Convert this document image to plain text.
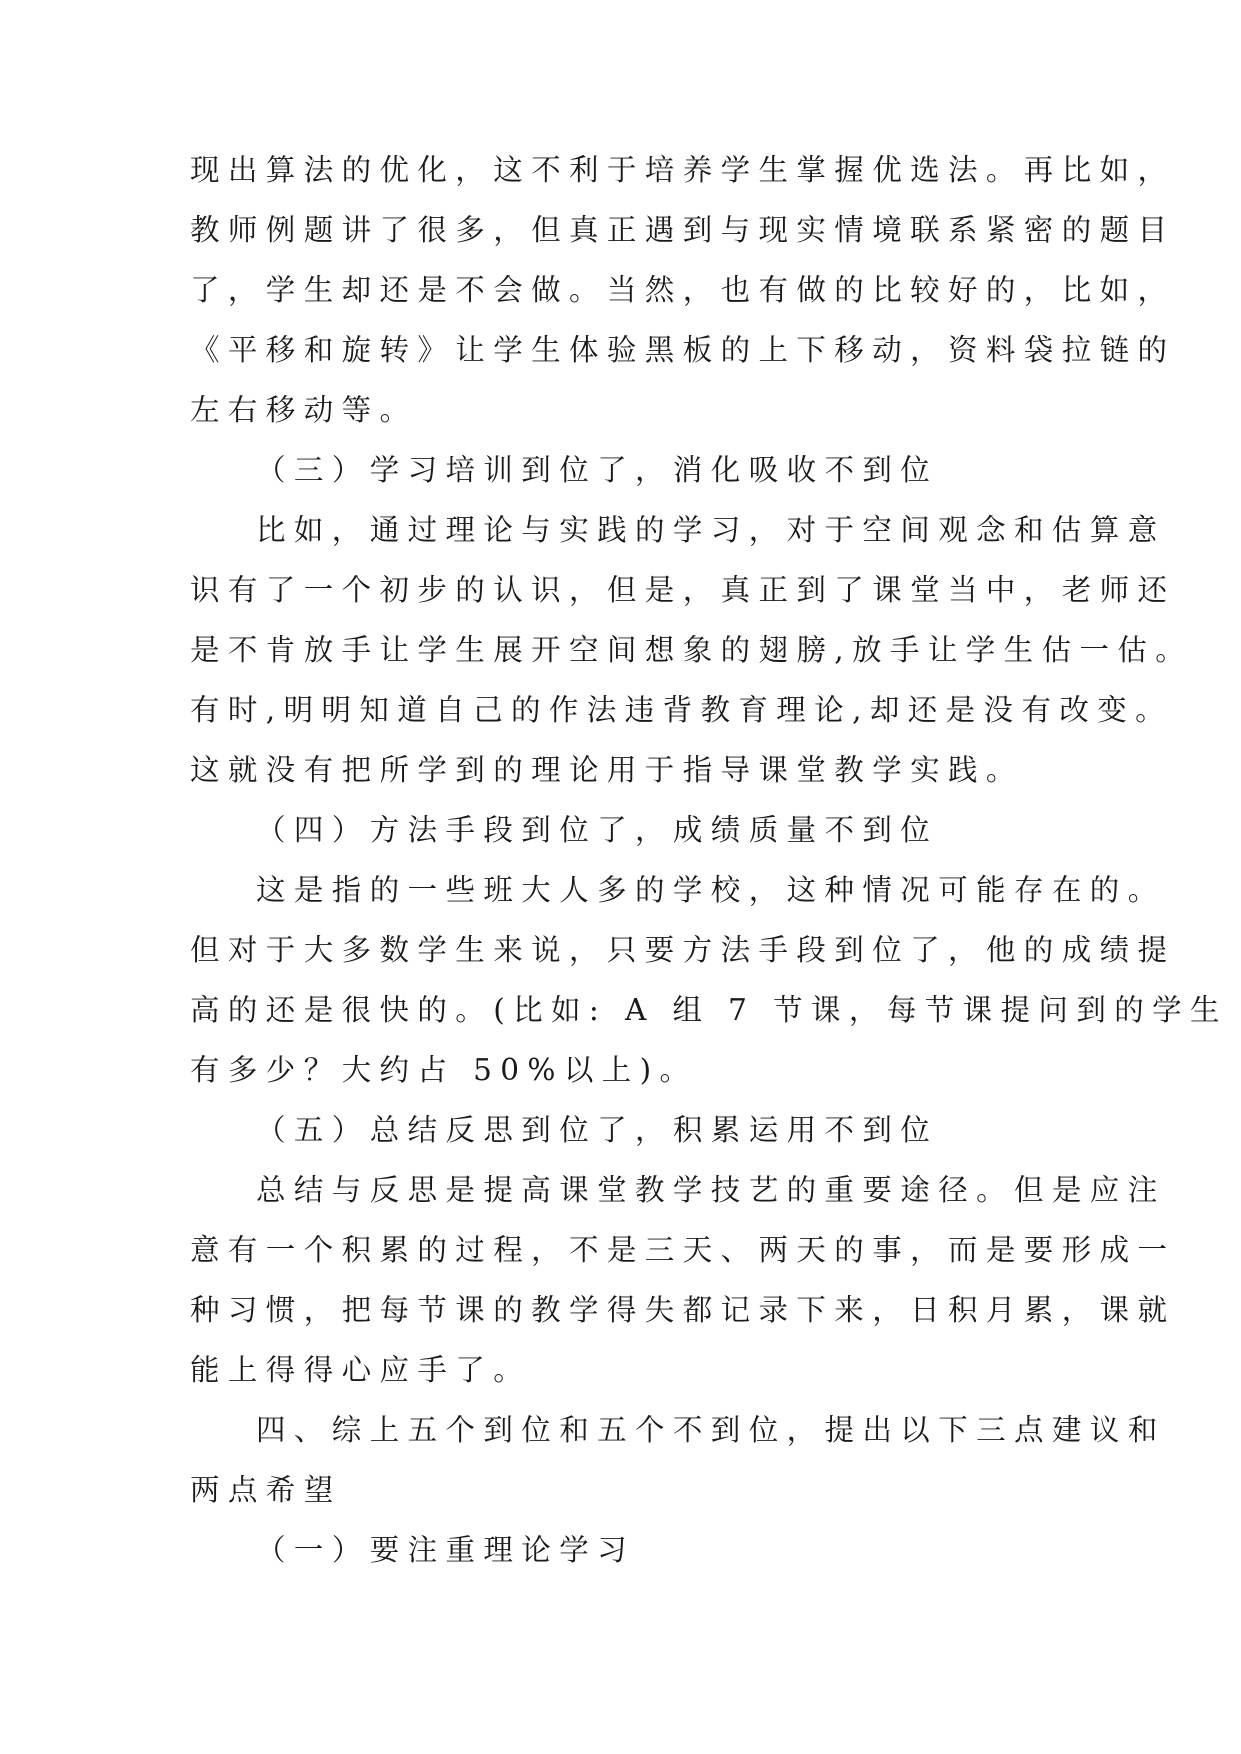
现出算法的优化，这不利于培养学生掌握优选法。再比如，
教师例题讲了很多，但真正遇到与现实情境联系紧密的题目
了，学生却还是不会做。当然，也有做的比较好的，比如，
《平移和旋转》让学生体验黑板的上下移动，资料袋拉链的
左右移动等。
（三）学习培训到位了，消化吸收不到位
比如，通过理论与实践的学习，对于空间观念和估算意
识有了一个初步的认识，但是，真正到了课堂当中，老师还
是不肯放手让学生展开空间想象的翅膀,放手让学生估一估。
有时,明明知道自己的作法违背教育理论,却还是没有改变。
这就没有把所学到的理论用于指导课堂教学实践。
（四）方法手段到位了，成绩质量不到位
这是指的一些班大人多的学校，这种情况可能存在的。
但对于大多数学生来说，只要方法手段到位了，他的成绩提
高的还是很快的。(比如: A 组 7 节课，每节课提问到的学生
有多少？大约占 50%以上)。
（五）总结反思到位了，积累运用不到位
总结与反思是提高课堂教学技艺的重要途径。但是应注
意有一个积累的过程，不是三天、两天的事，而是要形成一
种习惯，把每节课的教学得失都记录下来，日积月累，课就
能上得得心应手了。
四、综上五个到位和五个不到位，提出以下三点建议和
两点希望
（一）要注重理论学习
